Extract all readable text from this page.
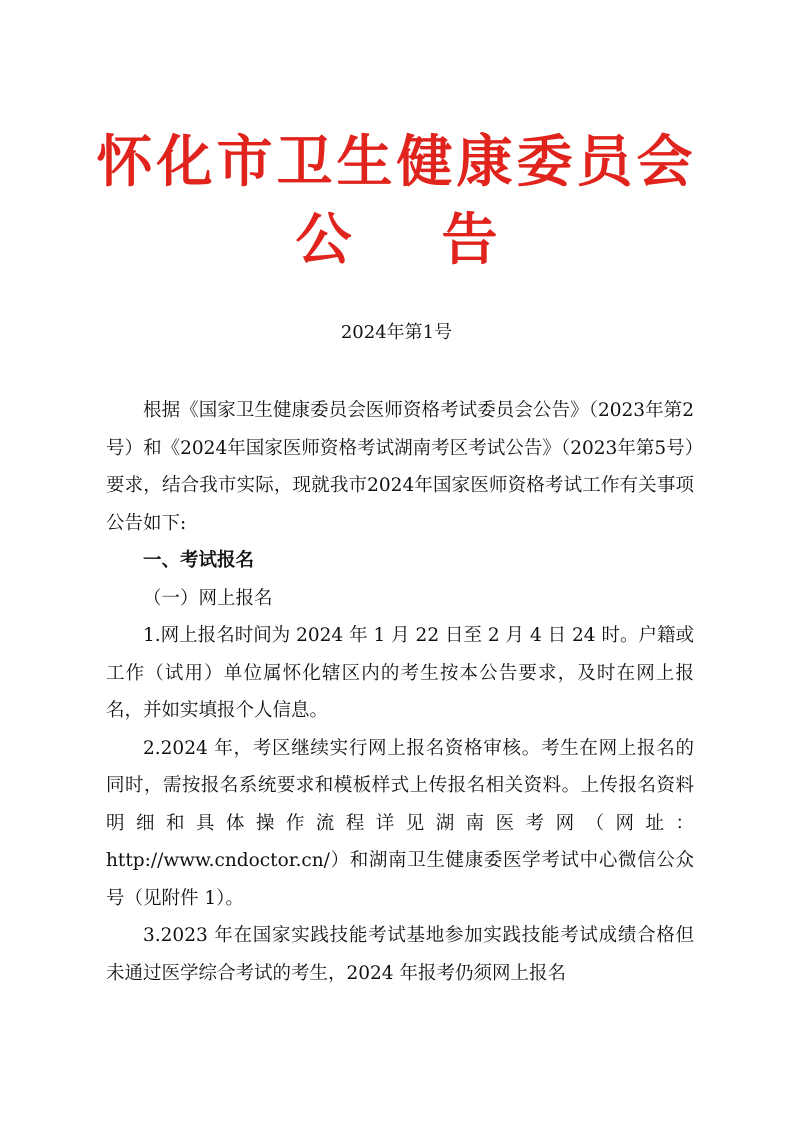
怀化市卫生健康委员会
公告
2024年第1号

根据《国家卫生健康委员会医师资格考试委员会公告》（2023年第2号）和《2024年国家医师资格考试湖南考区考试公告》（2023年第5号）要求，结合我市实际，现就我市2024年国家医师资格考试工作有关事项公告如下:

一、考试报名

（一）网上报名

1.网上报名时间为 2024 年 1 月 22 日至 2 月 4 日 24 时。户籍或工作（试用）单位属怀化辖区内的考生按本公告要求，及时在网上报名，并如实填报个人信息。

2.2024 年，考区继续实行网上报名资格审核。考生在网上报名的同时，需按报名系统要求和模板样式上传报名相关资料。上传报名资料明细和具体操作流程详见湖南医考网（网址：http://www.cndoctor.cn/）和湖南卫生健康委医学考试中心微信公众号（见附件 1）。

3.2023 年在国家实践技能考试基地参加实践技能考试成绩合格但未通过医学综合考试的考生，2024 年报考仍须网上报名
